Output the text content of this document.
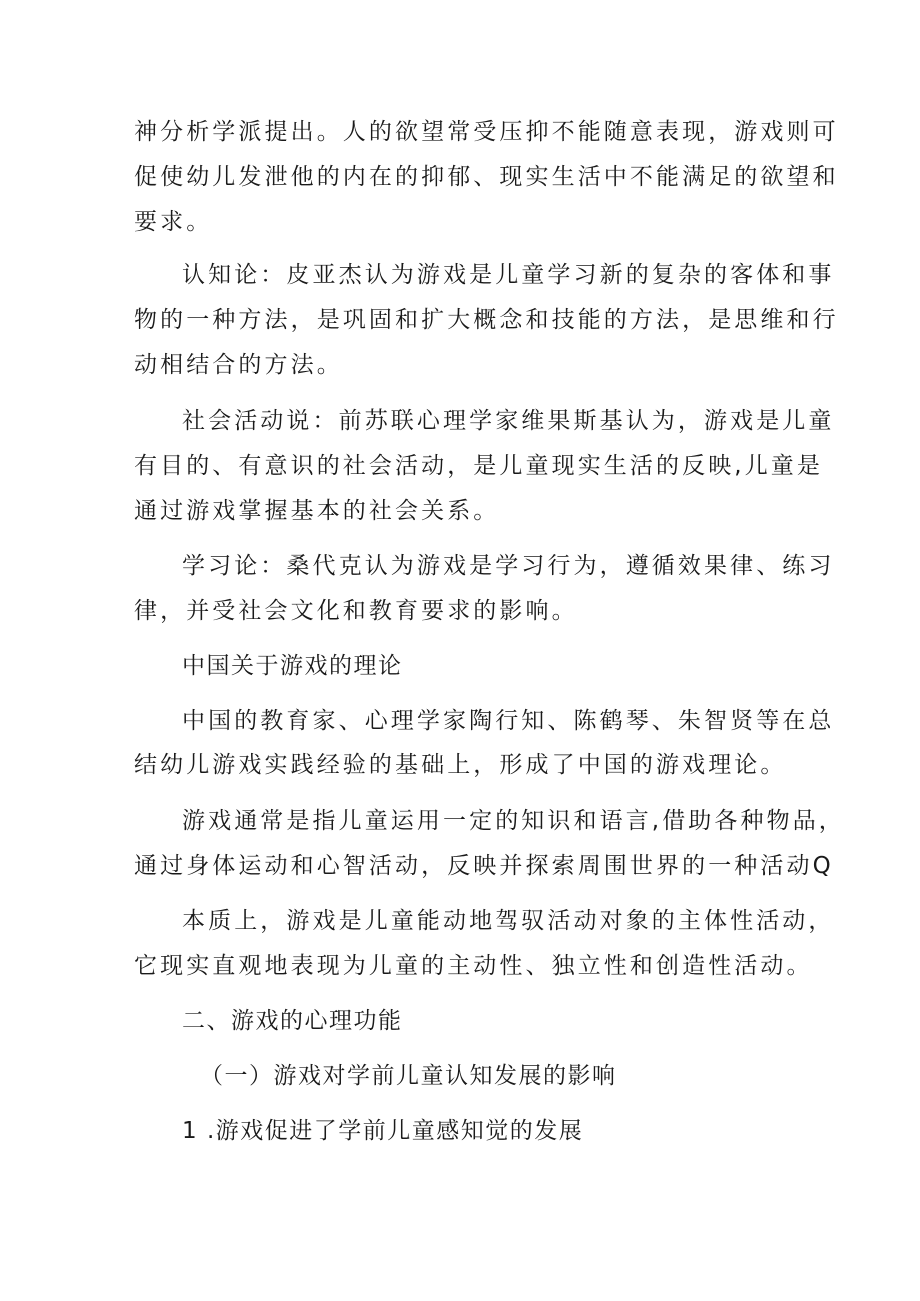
神分析学派提出。人的欲望常受压抑不能随意表现，游戏则可
促使幼儿发泄他的内在的抑郁、现实生活中不能满足的欲望和
要求。
认知论：皮亚杰认为游戏是儿童学习新的复杂的客体和事
物的一种方法，是巩固和扩大概念和技能的方法，是思维和行
动相结合的方法。
社会活动说：前苏联心理学家维果斯基认为，游戏是儿童
有目的、有意识的社会活动，是儿童现实生活的反映,儿童是
通过游戏掌握基本的社会关系。
学习论：桑代克认为游戏是学习行为，遵循效果律、练习
律，并受社会文化和教育要求的影响。
中国关于游戏的理论
中国的教育家、心理学家陶行知、陈鹤琴、朱智贤等在总
结幼儿游戏实践经验的基础上，形成了中国的游戏理论。
游戏通常是指儿童运用一定的知识和语言,借助各种物品，
通过身体运动和心智活动，反映并探索周围世界的一种活动Q
本质上，游戏是儿童能动地驾驭活动对象的主体性活动，
它现实直观地表现为儿童的主动性、独立性和创造性活动。
二、游戏的心理功能
（一）游戏对学前儿童认知发展的影响
1 .游戏促进了学前儿童感知觉的发展
